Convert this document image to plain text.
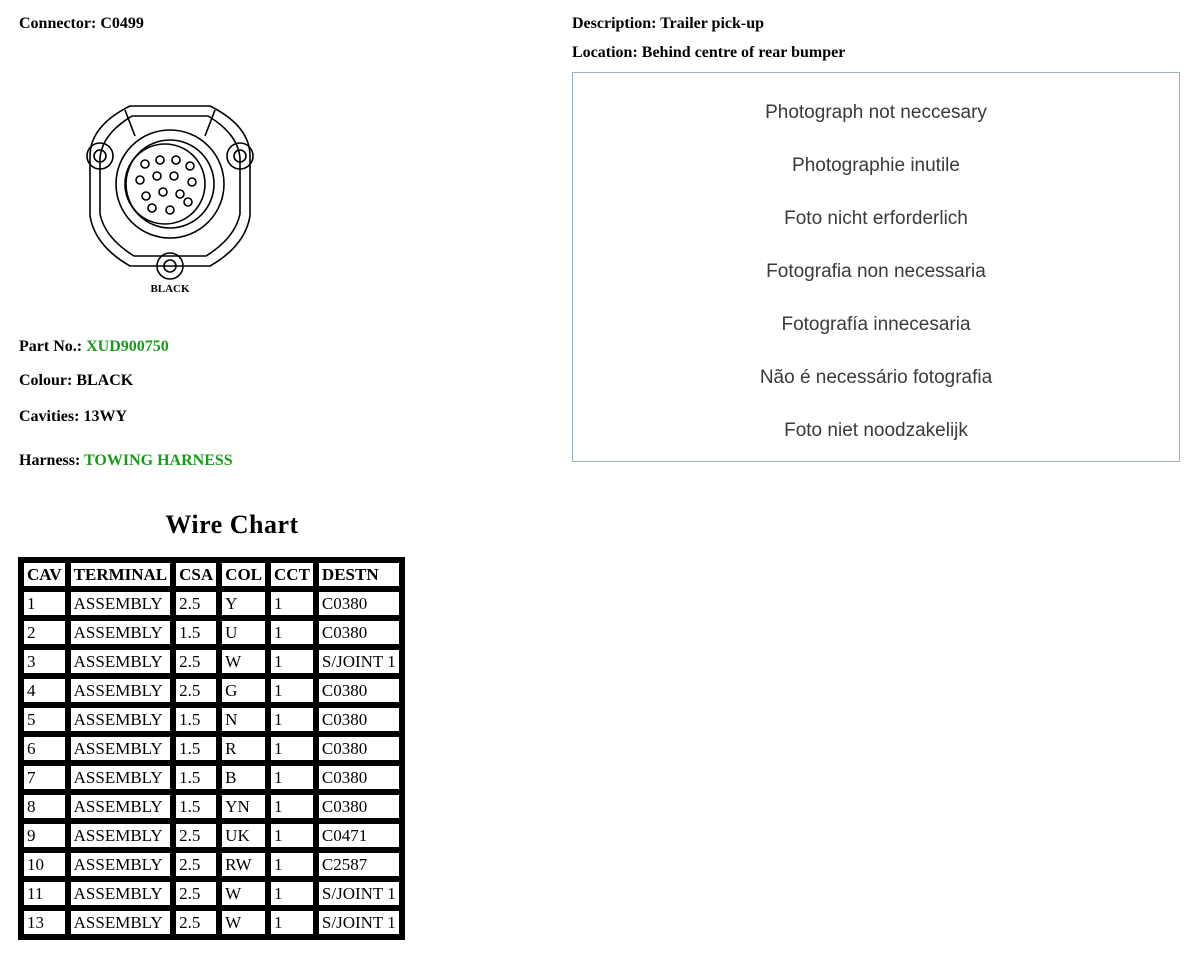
Connector: C0499	Description: Trailer pick-up
Location: Behind centre of rear bumper
BLACK
Part No.: XUD900750
Colour: BLACK
Cavities: 13WY
Harness: TOWING HARNESS
Photograph not neccesary
Photographie inutile
Foto nicht erforderlich
Fotografia non necessaria
Fotografía innecesaria
Não é necessário fotografia
Foto niet noodzakelijk
Wire Chart
CAV	TERMINAL	CSA	COL	CCT	DESTN
1	ASSEMBLY	2.5	Y	1	C0380
2	ASSEMBLY	1.5	U	1	C0380
3	ASSEMBLY	2.5	W	1	S/JOINT 1
4	ASSEMBLY	2.5	G	1	C0380
5	ASSEMBLY	1.5	N	1	C0380
6	ASSEMBLY	1.5	R	1	C0380
7	ASSEMBLY	1.5	B	1	C0380
8	ASSEMBLY	1.5	YN	1	C0380
9	ASSEMBLY	2.5	UK	1	C0471
10	ASSEMBLY	2.5	RW	1	C2587
11	ASSEMBLY	2.5	W	1	S/JOINT 1
13	ASSEMBLY	2.5	W	1	S/JOINT 1
